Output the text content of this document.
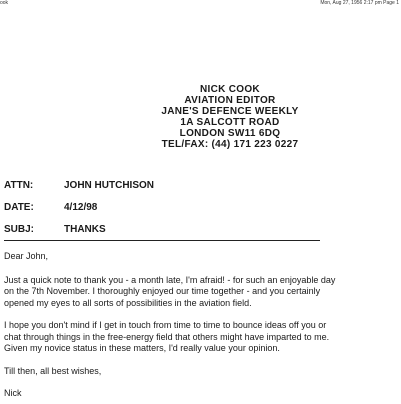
ook	Mon, Aug 27, 1956 2:17 pm Page 1
NICK COOK
AVIATION EDITOR
JANE'S DEFENCE WEEKLY
1A SALCOTT ROAD
LONDON SW11 6DQ
TEL/FAX: (44) 171 223 0227
ATTN:	JOHN HUTCHISON
DATE:	4/12/98
SUBJ:	THANKS

Dear John,

Just a quick note to thank you - a month late, I'm afraid! - for such an enjoyable day

on the 7th November. I thoroughly enjoyed our time together - and you certainly

opened my eyes to all sorts of possibilities in the aviation field.

I hope you don't mind if I get in touch from time to time to bounce ideas off you or

chat through things in the free-energy field that others might have imparted to me.

Given my novice status in these matters, I'd really value your opinion.

Till then, all best wishes,

Nick
